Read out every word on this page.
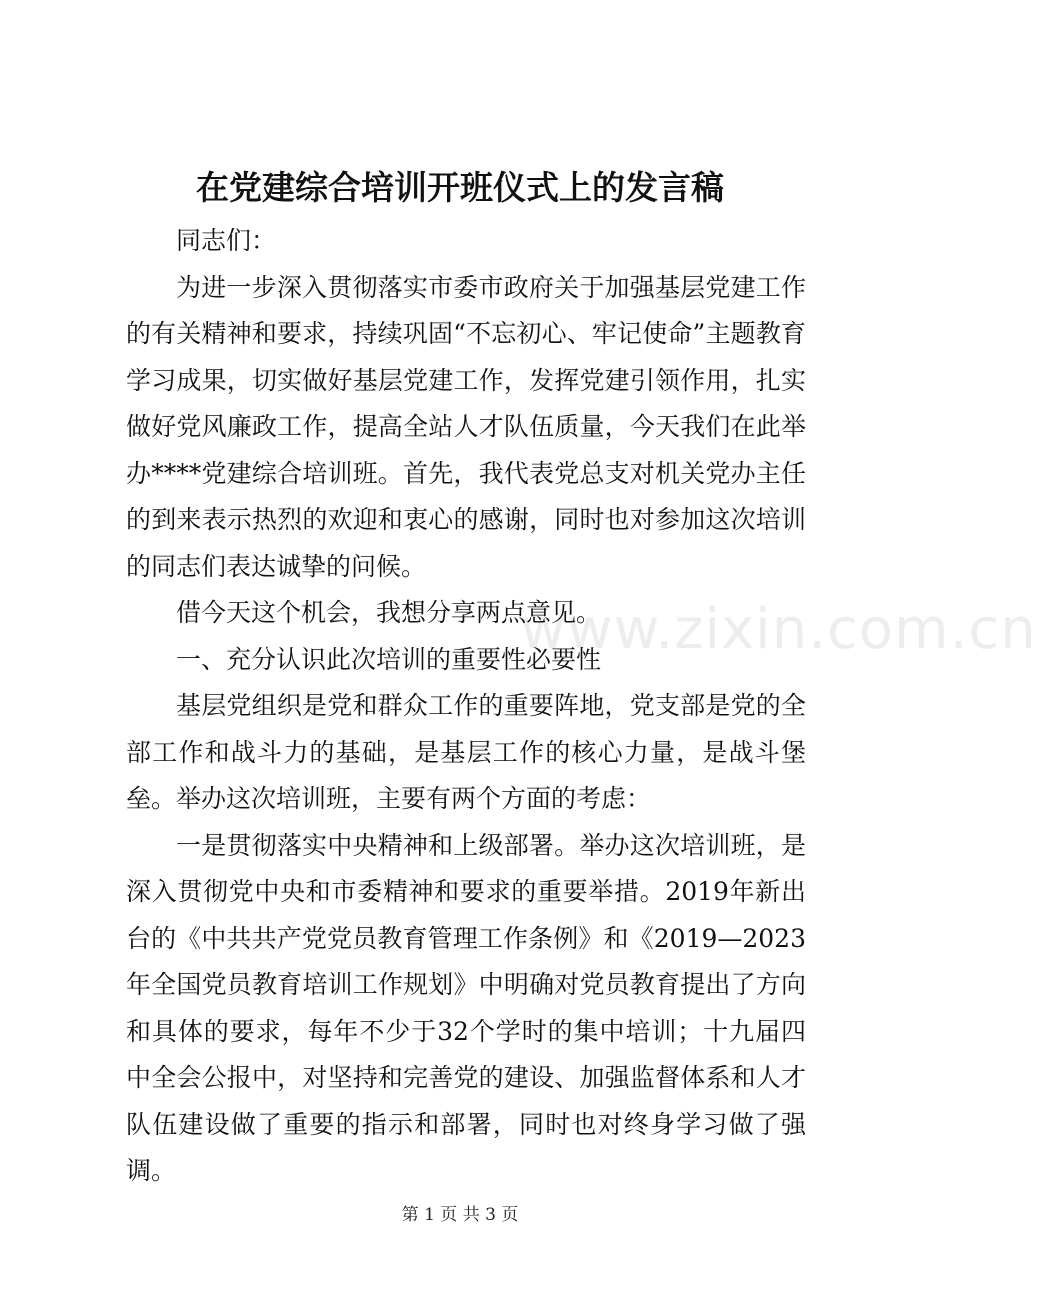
在党建综合培训开班仪式上的发言稿

同志们：

为进一步深入贯彻落实市委市政府关于加强基层党建工作的有关精神和要求，持续巩固“不忘初心、牢记使命”主题教育学习成果，切实做好基层党建工作，发挥党建引领作用，扎实做好党风廉政工作，提高全站人才队伍质量，今天我们在此举办****党建综合培训班。首先，我代表党总支对机关党办主任的到来表示热烈的欢迎和衷心的感谢，同时也对参加这次培训的同志们表达诚挚的问候。

借今天这个机会，我想分享两点意见。

一、充分认识此次培训的重要性必要性

基层党组织是党和群众工作的重要阵地，党支部是党的全部工作和战斗力的基础，是基层工作的核心力量，是战斗堡垒。举办这次培训班，主要有两个方面的考虑：

一是贯彻落实中央精神和上级部署。举办这次培训班，是深入贯彻党中央和市委精神和要求的重要举措。2019年新出台的《中共共产党党员教育管理工作条例》和《2019—2023年全国党员教育培训工作规划》中明确对党员教育提出了方向和具体的要求，每年不少于32个学时的集中培训；十九届四中全会公报中，对坚持和完善党的建设、加强监督体系和人才队伍建设做了重要的指示和部署，同时也对终身学习做了强调。

www.zixin.com.cn
第 1 页 共 3 页
